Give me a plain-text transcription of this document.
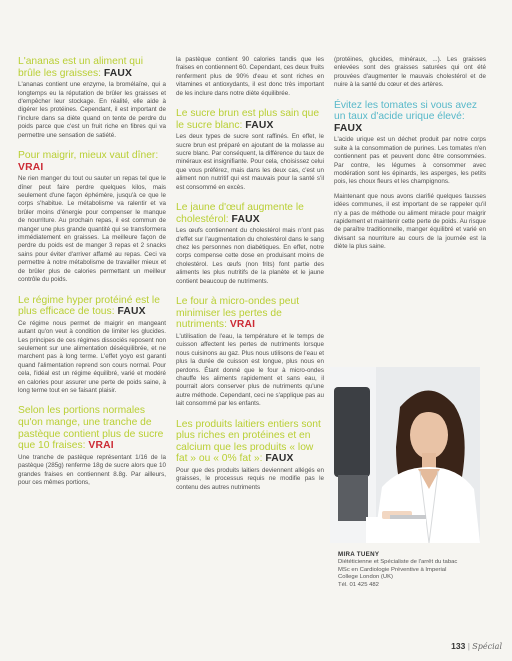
L'ananas est un aliment qui brûle les graisses: FAUX

L'ananas contient une enzyme, la bromélaïne, qui a longtemps eu la réputation de brûler les graisses et d'empêcher leur stockage. En réalité, elle aide à digérer les protéines. Cependant, il est important de l'inclure dans sa diète quand on tente de perdre du poids parce que c'est un fruit riche en fibres qui va permettre une sensation de satiété.

Pour maigrir, mieux vaut dîner: VRAI

Ne rien manger du tout ou sauter un repas tel que le dîner peut faire perdre quelques kilos, mais seulement d'une façon éphémère, jusqu'à ce que le corps s'habitue. Le métabolisme va ralentir et va brûler moins d'énergie pour compenser le manque de nourriture. Au prochain repas, il est commun de manger une plus grande quantité qui se transformera immédiatement en graisses. La meilleure façon de perdre du poids est de manger 3 repas et 2 snacks sains pour éviter d'arriver affamé au repas. Ceci va permettre à notre métabolisme de travailler mieux et de brûler plus de calories permettant un meilleur contrôle du poids.

Le régime hyper protéiné est le plus efficace de tous: FAUX

Ce régime nous permet de maigrir en mangeant autant qu'on veut à condition de limiter les glucides. Les principes de ces régimes dissociés reposent non seulement sur une alimentation déséquilibrée, et ne marchent pas à long terme. L'effet yoyo est garanti quand l'alimentation reprend son cours normal. Pour cela, l'idéal est un régime équilibré, varié et modéré en calories pour assurer une perte de poids saine, à long terme tout en se faisant plaisir.

Selon les portions normales qu'on mange, une tranche de pastèque contient plus de sucre que 10 fraises: VRAI

Une tranche de pastèque représentant 1/16 de la pastèque (285g) renferme 18g de sucre alors que 10 grandes fraises en contiennent 8.8g. Par ailleurs, pour ces mêmes portions,

la pastèque contient 90 calories tandis que les fraises en contiennent 60. Cependant, ces deux fruits renferment plus de 90% d'eau et sont riches en vitamines et antioxydants, il est donc très important de les inclure dans notre diète équilibrée.

Le sucre brun est plus sain que le sucre blanc: FAUX

Les deux types de sucre sont raffinés. En effet, le sucre brun est préparé en ajoutant de la molasse au sucre blanc. Par conséquent, la différence du taux de minéraux est insignifiante. Pour cela, choisissez celui que vous préférez, mais dans les deux cas, c'est un aliment non nutritif qui est mauvais pour la santé s'il est consommé en excès.

Le jaune d'œuf augmente le cholestérol: FAUX

Les œufs contiennent du cholestérol mais n'ont pas d'effet sur l'augmentation du cholestérol dans le sang chez les personnes non diabétiques. En effet, notre corps compense cette dose en produisant moins de cholestérol. Les œufs (non frits) font partie des aliments les plus nutritifs de la planète et le jaune contient beaucoup de nutriments.

Le four à micro-ondes peut minimiser les pertes de nutriments: VRAI

L'utilisation de l'eau, la température et le temps de cuisson affectent les pertes de nutriments lorsque nous cuisinons au gaz. Plus nous utilisons de l'eau et plus la durée de cuisson est longue, plus nous en perdons. Étant donné que le four à micro-ondes chauffe les aliments rapidement et sans eau, il pourrait alors conserver plus de nutriments qu'une autre méthode. Cependant, ceci ne s'applique pas au lait consommé par les enfants.

Les produits laitiers entiers sont plus riches en protéines et en calcium que les produits « low fat » ou « 0% fat »: FAUX

Pour que des produits laitiers deviennent allégés en graisses, le processus requis ne modifie pas le contenu des autres nutriments

(protéines, glucides, minéraux, ...). Les graisses enlevées sont des graisses saturées qui ont été prouvées d'augmenter le mauvais cholestérol et de nuire à la santé du cœur et des artères.

Évitez les tomates si vous avez un taux d'acide urique élevé: FAUX

L'acide urique est un déchet produit par notre corps suite à la consommation de purines. Les tomates n'en contiennent pas et peuvent donc être consommées. Par contre, les légumes à consommer avec modération sont les épinards, les asperges, les petits pois, les choux fleurs et les champignons.

Maintenant que nous avons clarifié quelques fausses idées communes, il est important de se rappeler qu'il n'y a pas de méthode ou aliment miracle pour maigrir rapidement et maintenir cette perte de poids. Au risque de paraître traditionnelle, manger équilibré et varié en divisant sa nourriture au cours de la journée est la diète la plus saine.

MIRA TUENY

Diététicienne et Spécialiste de l'arrêt du tabac

MSc en Cardiologie Préventive à Imperial

College London (UK)

Tél. 01 425 482

133 | Spécial
